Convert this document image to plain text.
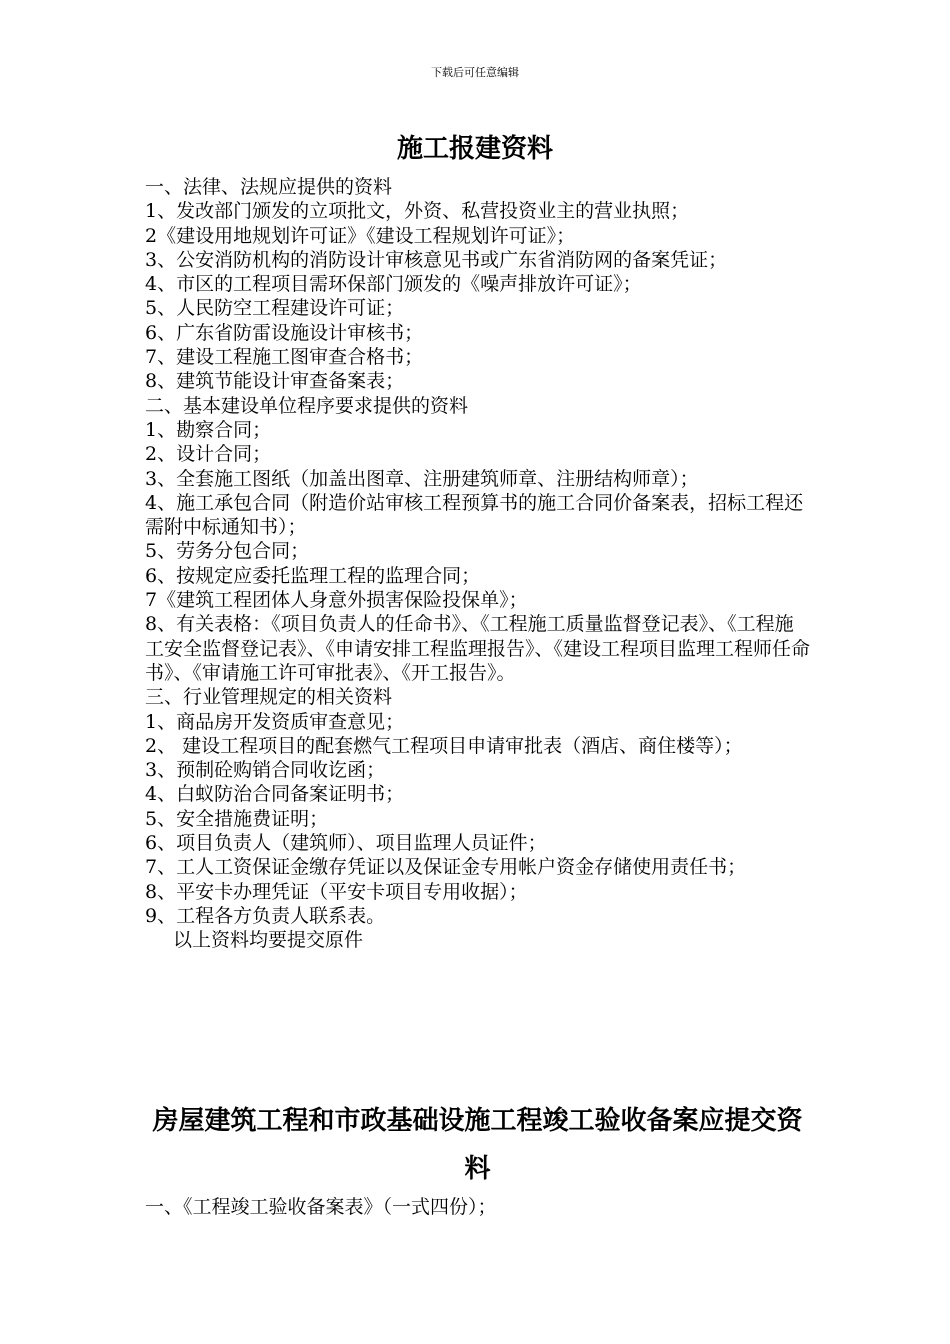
下载后可任意编辑
施工报建资料
一、法律、法规应提供的资料
1、发改部门颁发的立项批文，外资、私营投资业主的营业执照；
2《建设用地规划许可证》《建设工程规划许可证》；
3、公安消防机构的消防设计审核意见书或广东省消防网的备案凭证；
4、市区的工程项目需环保部门颁发的《噪声排放许可证》；
5、人民防空工程建设许可证；
6、广东省防雷设施设计审核书；
7、建设工程施工图审查合格书；
8、建筑节能设计审查备案表；
二、基本建设单位程序要求提供的资料
1、勘察合同；
2、设计合同；
3、全套施工图纸（加盖出图章、注册建筑师章、注册结构师章）；
4、施工承包合同（附造价站审核工程预算书的施工合同价备案表，招标工程还需附中标通知书）；
5、劳务分包合同；
6、按规定应委托监理工程的监理合同；
7《建筑工程团体人身意外损害保险投保单》；
8、有关表格：《项目负责人的任命书》、《工程施工质量监督登记表》、《工程施工安全监督登记表》、《申请安排工程监理报告》、《建设工程项目监理工程师任命书》、《审请施工许可审批表》、《开工报告》。
三、行业管理规定的相关资料
1、商品房开发资质审查意见；
2、 建设工程项目的配套燃气工程项目申请审批表（酒店、商住楼等）；
3、预制砼购销合同收讫函；
4、白蚁防治合同备案证明书；
5、安全措施费证明；
6、项目负责人（建筑师）、项目监理人员证件；
7、工人工资保证金缴存凭证以及保证金专用帐户资金存储使用责任书；
8、平安卡办理凭证（平安卡项目专用收据）；
9、工程各方负责人联系表。
以上资料均要提交原件
房屋建筑工程和市政基础设施工程竣工验收备案应提交资料
一、《工程竣工验收备案表》（一式四份）；
